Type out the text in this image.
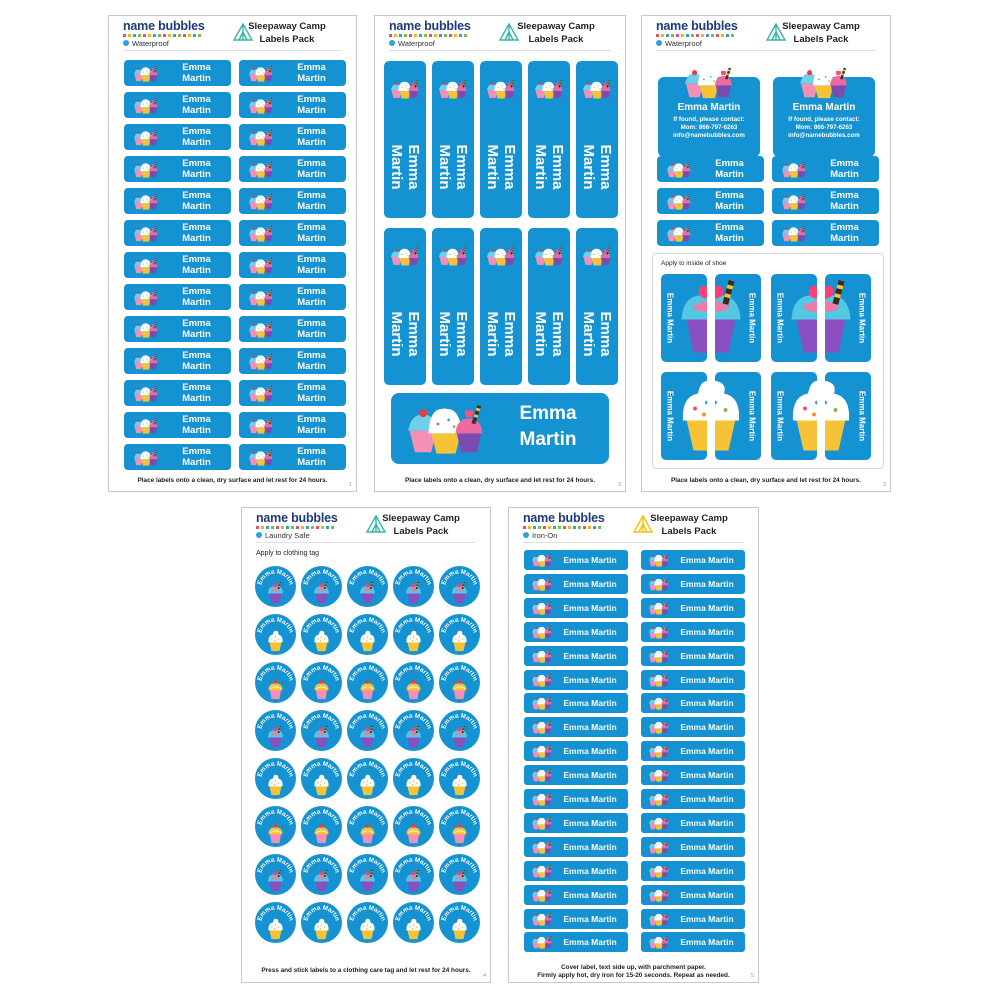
name bubbles
Waterproof
Sleepaway Camp
Labels Pack
Emma
Martin
Emma
Martin
Emma
Martin
Emma
Martin
Emma
Martin
Emma
Martin
Emma
Martin
Emma
Martin
Emma
Martin
Emma
Martin
Emma
Martin
Emma
Martin
Emma
Martin
Emma
Martin
Emma
Martin
Emma
Martin
Emma
Martin
Emma
Martin
Emma
Martin
Emma
Martin
Emma
Martin
Emma
Martin
Emma
Martin
Emma
Martin
Emma
Martin
Emma
Martin
Place labels onto a clean, dry surface and let rest for 24 hours.
1
name bubbles
Waterproof
Sleepaway Camp
Labels Pack
Emma
Martin	Emma
Martin	Emma
Martin	Emma
Martin	Emma
Martin
Emma
Martin	Emma
Martin	Emma
Martin	Emma
Martin	Emma
Martin
Emma
Martin
Place labels onto a clean, dry surface and let rest for 24 hours.
2
name bubbles
Waterproof
Sleepaway Camp
Labels Pack
Emma Martin
If found, please contact:
Mom: 866-797-6263
info@namebubbles.com
Emma Martin
If found, please contact:
Mom: 866-797-6263
info@namebubbles.com
Emma
Martin
Emma
Martin
Emma
Martin
Emma
Martin
Emma
Martin
Emma
Martin
Apply to inside of shoe
Emma Martin	Emma Martin Emma Martin	Emma Martin
Emma Martin	Emma Martin Emma Martin	Emma Martin
Place labels onto a clean, dry surface and let rest for 24 hours.
3
name bubbles
Laundry Safe
Sleepaway Camp
Labels Pack
Apply to clothing tag
Emma Martin Emma Martin Emma Martin Emma Martin Emma Martin
Emma Martin Emma Martin Emma Martin Emma Martin Emma Martin
Emma Martin Emma Martin Emma Martin Emma Martin Emma Martin
Emma Martin Emma Martin Emma Martin Emma Martin Emma Martin
Emma Martin Emma Martin Emma Martin Emma Martin Emma Martin
Emma Martin Emma Martin Emma Martin Emma Martin Emma Martin
Emma Martin Emma Martin Emma Martin Emma Martin Emma Martin
Emma Martin Emma Martin Emma Martin Emma Martin Emma Martin
Press and stick labels to a clothing care tag and let rest for 24 hours.
4
name bubbles
Iron-On
Sleepaway Camp
Labels Pack
Emma Martin	Emma Martin
Emma Martin	Emma Martin
Emma Martin	Emma Martin
Emma Martin	Emma Martin
Emma Martin	Emma Martin
Emma Martin	Emma Martin
Emma Martin	Emma Martin
Emma Martin	Emma Martin
Emma Martin	Emma Martin
Emma Martin	Emma Martin
Emma Martin	Emma Martin
Emma Martin	Emma Martin
Emma Martin	Emma Martin
Emma Martin	Emma Martin
Emma Martin	Emma Martin
Emma Martin	Emma Martin
Emma Martin	Emma Martin
Cover label, text side up, with parchment paper.
Firmly apply hot, dry iron for 15-20 seconds. Repeat as needed.	5
